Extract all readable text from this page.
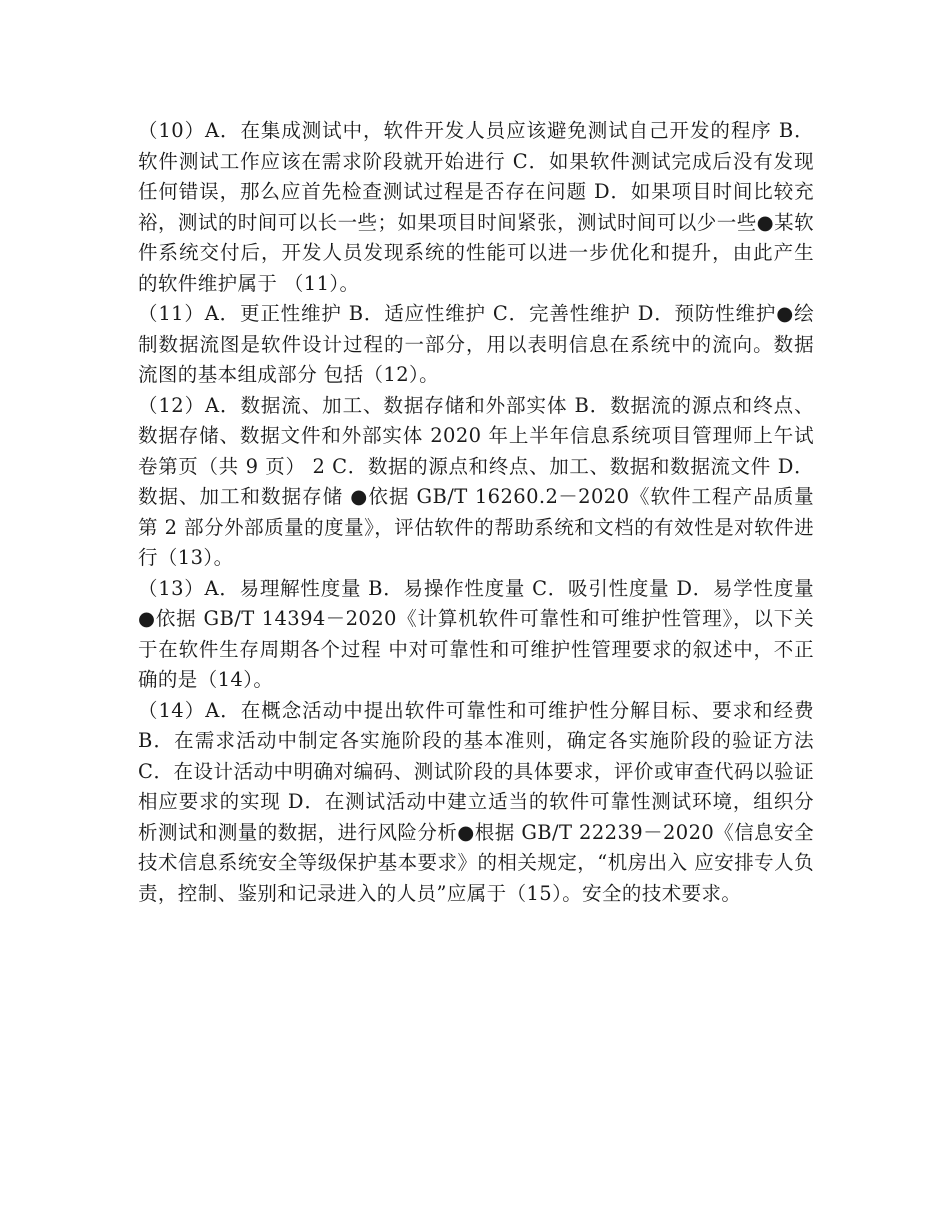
（10）A．在集成测试中，软件开发人员应该避免测试自己开发的程序 B．软件测试工作应该在需求阶段就开始进行 C．如果软件测试完成后没有发现任何错误，那么应首先检查测试过程是否存在问题 D．如果项目时间比较充裕，测试的时间可以长一些；如果项目时间紧张，测试时间可以少一些●某软件系统交付后，开发人员发现系统的性能可以进一步优化和提升，由此产生的软件维护属于 （11）。

（11）A．更正性维护 B．适应性维护 C．完善性维护 D．预防性维护●绘制数据流图是软件设计过程的一部分，用以表明信息在系统中的流向。数据流图的基本组成部分 包括（12）。

（12）A．数据流、加工、数据存储和外部实体 B．数据流的源点和终点、数据存储、数据文件和外部实体 2020 年上半年信息系统项目管理师上午试卷第页（共 9 页） 2 C．数据的源点和终点、加工、数据和数据流文件 D．数据、加工和数据存储 ●依据 GB/T 16260.2－2020《软件工程产品质量第 2 部分外部质量的度量》，评估软件的帮助系统和文档的有效性是对软件进行（13）。

（13）A．易理解性度量 B．易操作性度量 C．吸引性度量 D．易学性度量 ●依据 GB/T 14394－2020《计算机软件可靠性和可维护性管理》，以下关于在软件生存周期各个过程 中对可靠性和可维护性管理要求的叙述中，不正确的是（14）。

（14）A．在概念活动中提出软件可靠性和可维护性分解目标、要求和经费 B．在需求活动中制定各实施阶段的基本准则，确定各实施阶段的验证方法 C．在设计活动中明确对编码、测试阶段的具体要求，评价或审查代码以验证相应要求的实现 D．在测试活动中建立适当的软件可靠性测试环境，组织分析测试和测量的数据，进行风险分析●根据 GB/T 22239－2020《信息安全技术信息系统安全等级保护基本要求》的相关规定，“机房出入 应安排专人负责，控制、鉴别和记录进入的人员”应属于（15）。安全的技术要求。
